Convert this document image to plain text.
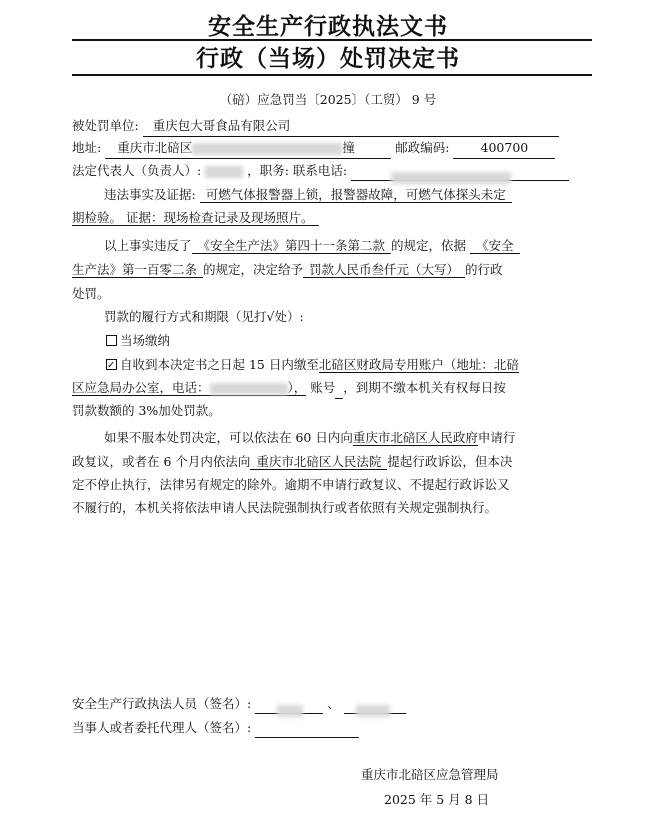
安全生产行政执法文书
行政（当场）处罚决定书
（碚）应急罚当〔2025〕（工贸） 9 号
被处罚单位: 重庆包大哥食品有限公司
地址: 重庆市北碚区	撞	邮政编码: 400700
法定代表人（负责人）:	，职务: 联系电话:
违法事实及证据: 可燃气体报警器上锁，报警器故障，可燃气体探头未定
期检验。 证据：现场检查记录及现场照片。
以上事实违反了 《安全生产法》第四十一条第二款 的规定，依据 《安全
生产法》第一百零二条 的规定，决定给予 罚款人民币叁仟元（大写） 的行政
处罚。
罚款的履行方式和期限（见打√处）:
当场缴纳
✓自收到本决定书之日起 15 日内缴至北碚区财政局专用账户（地址：北碚
区应急局办公室，电话：	）， 账号 ，到期不缴本机关有权每日按
罚款数额的 3%加处罚款。
如果不服本处罚决定，可以依法在 60 日内向重庆市北碚区人民政府申请行
政复议，或者在 6 个月内依法向 重庆市北碚区人民法院 提起行政诉讼，但本决
定不停止执行，法律另有规定的除外。逾期不申请行政复议、不提起行政诉讼又
不履行的，本机关将依法申请人民法院强制执行或者依照有关规定强制执行。
安全生产行政执法人员（签名）:	、
当事人或者委托代理人（签名）:
重庆市北碚区应急管理局
2025 年 5 月 8 日
